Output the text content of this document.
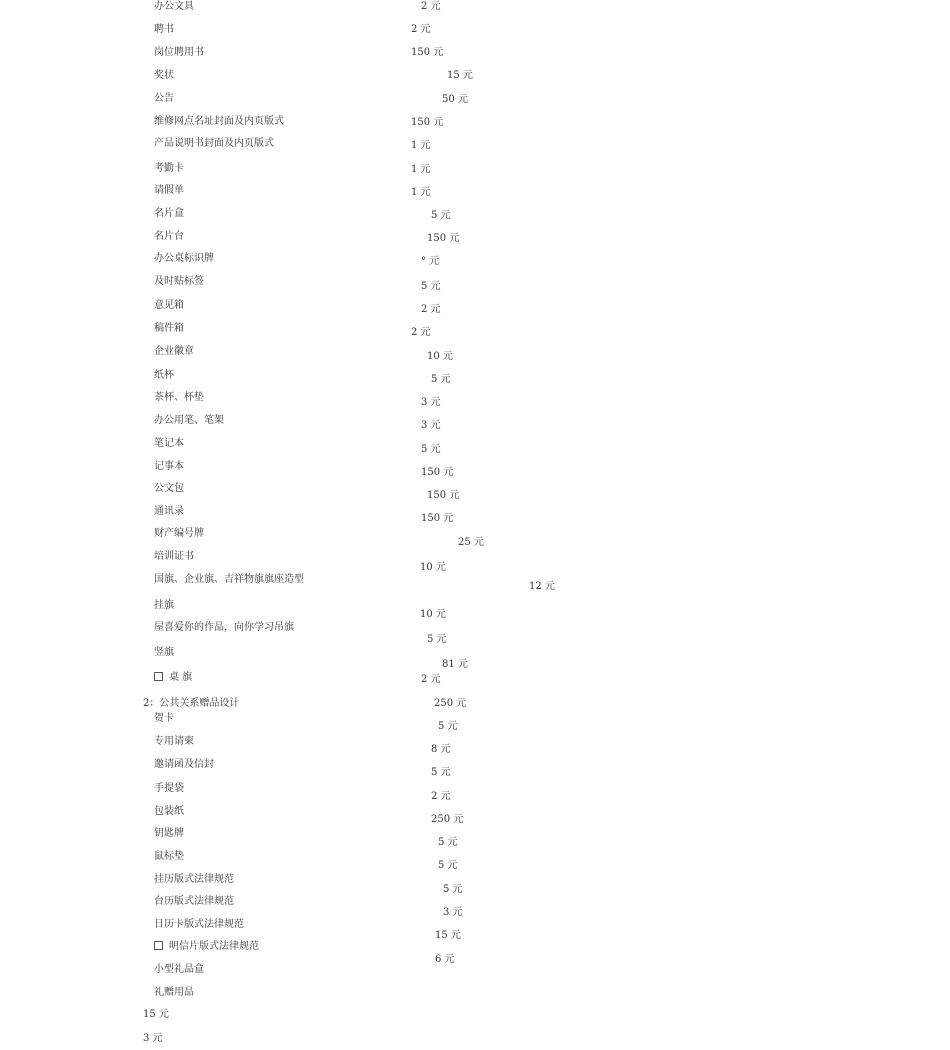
办公文具
聘书
岗位聘用书
奖状
公告
维修网点名址封面及内页版式
产品说明书封面及内页版式
考勤卡
请假单
名片盒
名片台
办公桌标识牌
及时贴标签
意见箱
稿件箱
企业徽章
纸杯
茶杯、杯垫
办公用笔、笔架
笔记本
记事本
公文包
通讯录
财产编号牌
培训证书
国旗、企业旗、吉祥物旗旗座造型
挂旗
屋喜爱你的作品，向你学习吊旗
竖旗
桌 旗
2 元
2 元
150 元
15 元
50 元
150 元
1 元
1 元
1 元
5 元
150 元
° 元
5 元
2 元
2 元
10 元
5 元
3 元
3 元
5 元
150 元
150 元
150 元
25 元
10 元
12 元
10 元
5 元
81 元
2 元
2：公共关系赠品设计
贺卡
专用请柬
邀请函及信封
手提袋
包装纸
钥匙牌
鼠标垫
挂历版式法律规范
台历版式法律规范
日历卡版式法律规范
明信片版式法律规范
小型礼品盒
礼赠用品
250 元
5 元
8 元
5 元
2 元
250 元
5 元
5 元
5 元
3 元
15 元
6 元
15 元
3 元
